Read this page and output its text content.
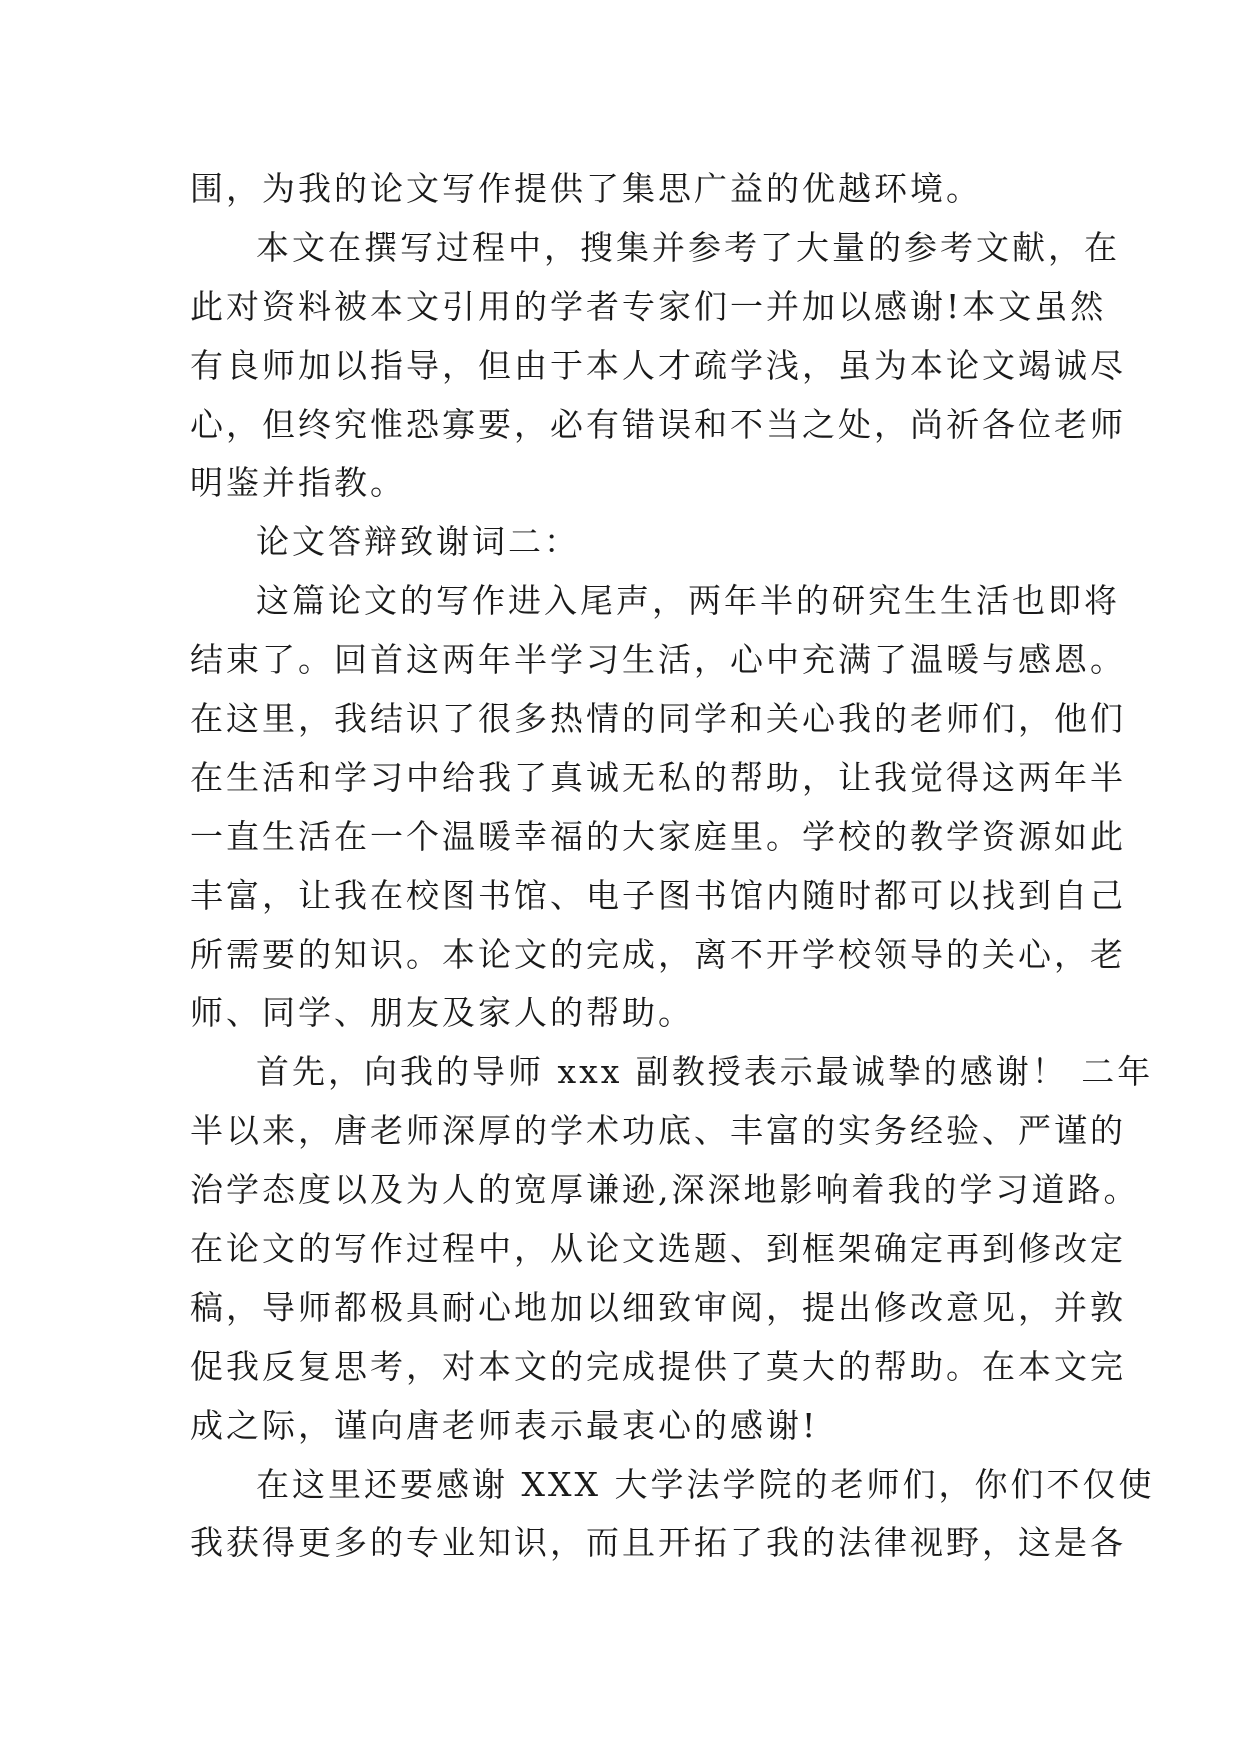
围，为我的论文写作提供了集思广益的优越环境。
本文在撰写过程中，搜集并参考了大量的参考文献，在
此对资料被本文引用的学者专家们一并加以感谢!本文虽然
有良师加以指导，但由于本人才疏学浅，虽为本论文竭诚尽
心，但终究惟恐寡要，必有错误和不当之处，尚祈各位老师
明鉴并指教。
论文答辩致谢词二：
这篇论文的写作进入尾声，两年半的研究生生活也即将
结束了。回首这两年半学习生活，心中充满了温暖与感恩。
在这里，我结识了很多热情的同学和关心我的老师们，他们
在生活和学习中给我了真诚无私的帮助，让我觉得这两年半
一直生活在一个温暖幸福的大家庭里。学校的教学资源如此
丰富，让我在校图书馆、电子图书馆内随时都可以找到自己
所需要的知识。本论文的完成，离不开学校领导的关心，老
师、同学、朋友及家人的帮助。
首先，向我的导师 xxx 副教授表示最诚挚的感谢！ 二年
半以来，唐老师深厚的学术功底、丰富的实务经验、严谨的
治学态度以及为人的宽厚谦逊,深深地影响着我的学习道路。
在论文的写作过程中，从论文选题、到框架确定再到修改定
稿，导师都极具耐心地加以细致审阅，提出修改意见，并敦
促我反复思考，对本文的完成提供了莫大的帮助。在本文完
成之际，谨向唐老师表示最衷心的感谢!
在这里还要感谢 XXX 大学法学院的老师们，你们不仅使
我获得更多的专业知识，而且开拓了我的法律视野，这是各
